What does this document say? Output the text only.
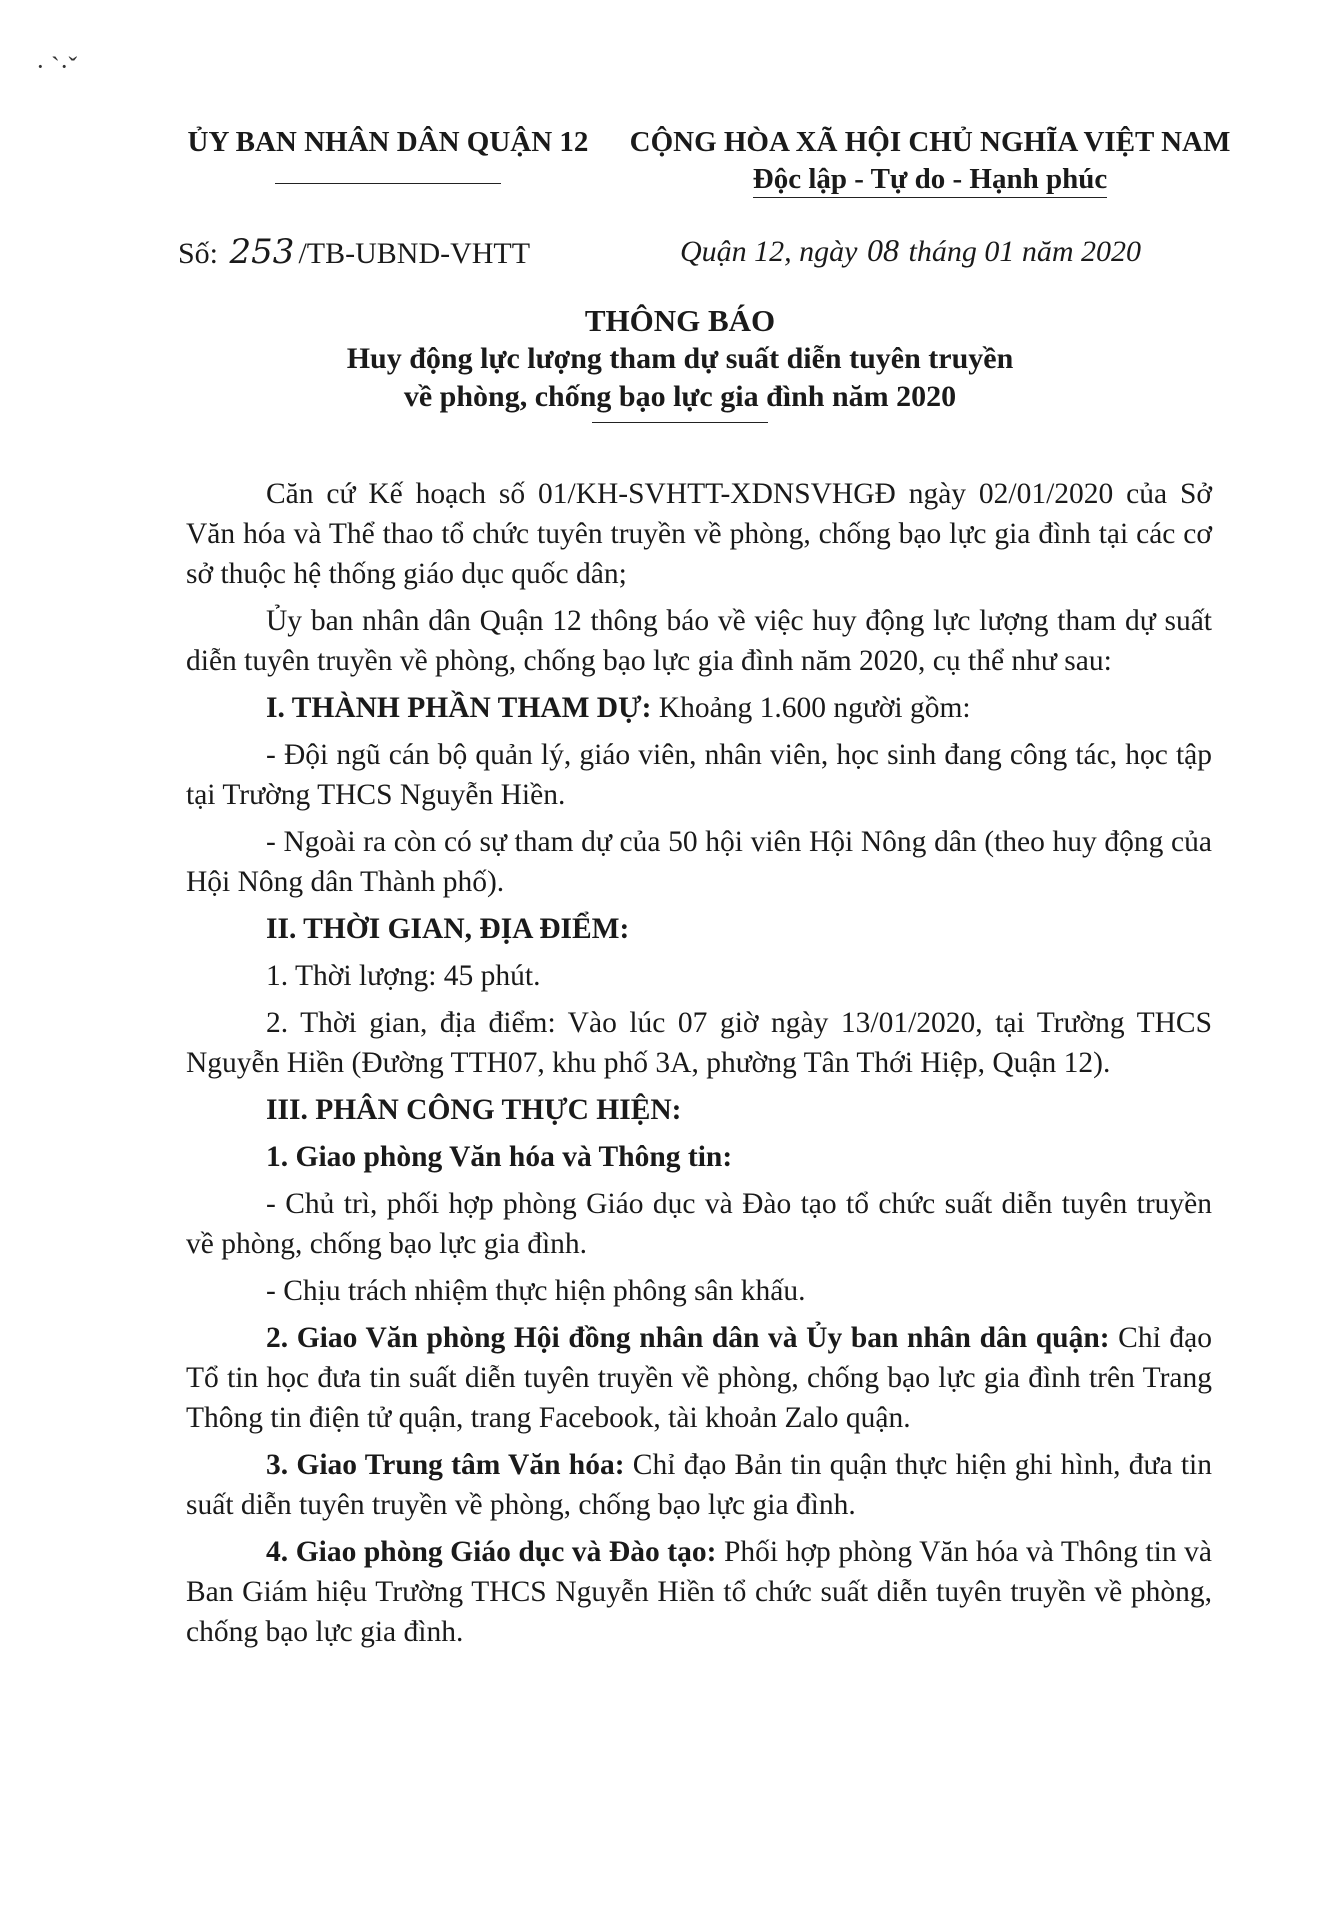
· ˋ·ˇ
ỦY BAN NHÂN DÂN QUẬN 12	CỘNG HÒA XÃ HỘI CHỦ NGHĨA VIỆT NAM
Độc lập - Tự do - Hạnh phúc
Số: 253 /TB-UBND-VHTT	Quận 12, ngày 08 tháng 01 năm 2020
THÔNG BÁO
Huy động lực lượng tham dự suất diễn tuyên truyền
về phòng, chống bạo lực gia đình năm 2020

Căn cứ Kế hoạch số 01/KH-SVHTT-XDNSVHGĐ ngày 02/01/2020 của Sở Văn hóa và Thể thao tổ chức tuyên truyền về phòng, chống bạo lực gia đình tại các cơ sở thuộc hệ thống giáo dục quốc dân;

Ủy ban nhân dân Quận 12 thông báo về việc huy động lực lượng tham dự suất diễn tuyên truyền về phòng, chống bạo lực gia đình năm 2020, cụ thể như sau:

I. THÀNH PHẦN THAM DỰ: Khoảng 1.600 người gồm:

- Đội ngũ cán bộ quản lý, giáo viên, nhân viên, học sinh đang công tác, học tập tại Trường THCS Nguyễn Hiền.

- Ngoài ra còn có sự tham dự của 50 hội viên Hội Nông dân (theo huy động của Hội Nông dân Thành phố).

II. THỜI GIAN, ĐỊA ĐIỂM:

1. Thời lượng: 45 phút.

2. Thời gian, địa điểm: Vào lúc 07 giờ ngày 13/01/2020, tại Trường THCS Nguyễn Hiền (Đường TTH07, khu phố 3A, phường Tân Thới Hiệp, Quận 12).

III. PHÂN CÔNG THỰC HIỆN:

1. Giao phòng Văn hóa và Thông tin:

- Chủ trì, phối hợp phòng Giáo dục và Đào tạo tổ chức suất diễn tuyên truyền về phòng, chống bạo lực gia đình.

- Chịu trách nhiệm thực hiện phông sân khấu.

2. Giao Văn phòng Hội đồng nhân dân và Ủy ban nhân dân quận: Chỉ đạo Tổ tin học đưa tin suất diễn tuyên truyền về phòng, chống bạo lực gia đình trên Trang Thông tin điện tử quận, trang Facebook, tài khoản Zalo quận.

3. Giao Trung tâm Văn hóa: Chỉ đạo Bản tin quận thực hiện ghi hình, đưa tin suất diễn tuyên truyền về phòng, chống bạo lực gia đình.

4. Giao phòng Giáo dục và Đào tạo: Phối hợp phòng Văn hóa và Thông tin và Ban Giám hiệu Trường THCS Nguyễn Hiền tổ chức suất diễn tuyên truyền về phòng, chống bạo lực gia đình.
